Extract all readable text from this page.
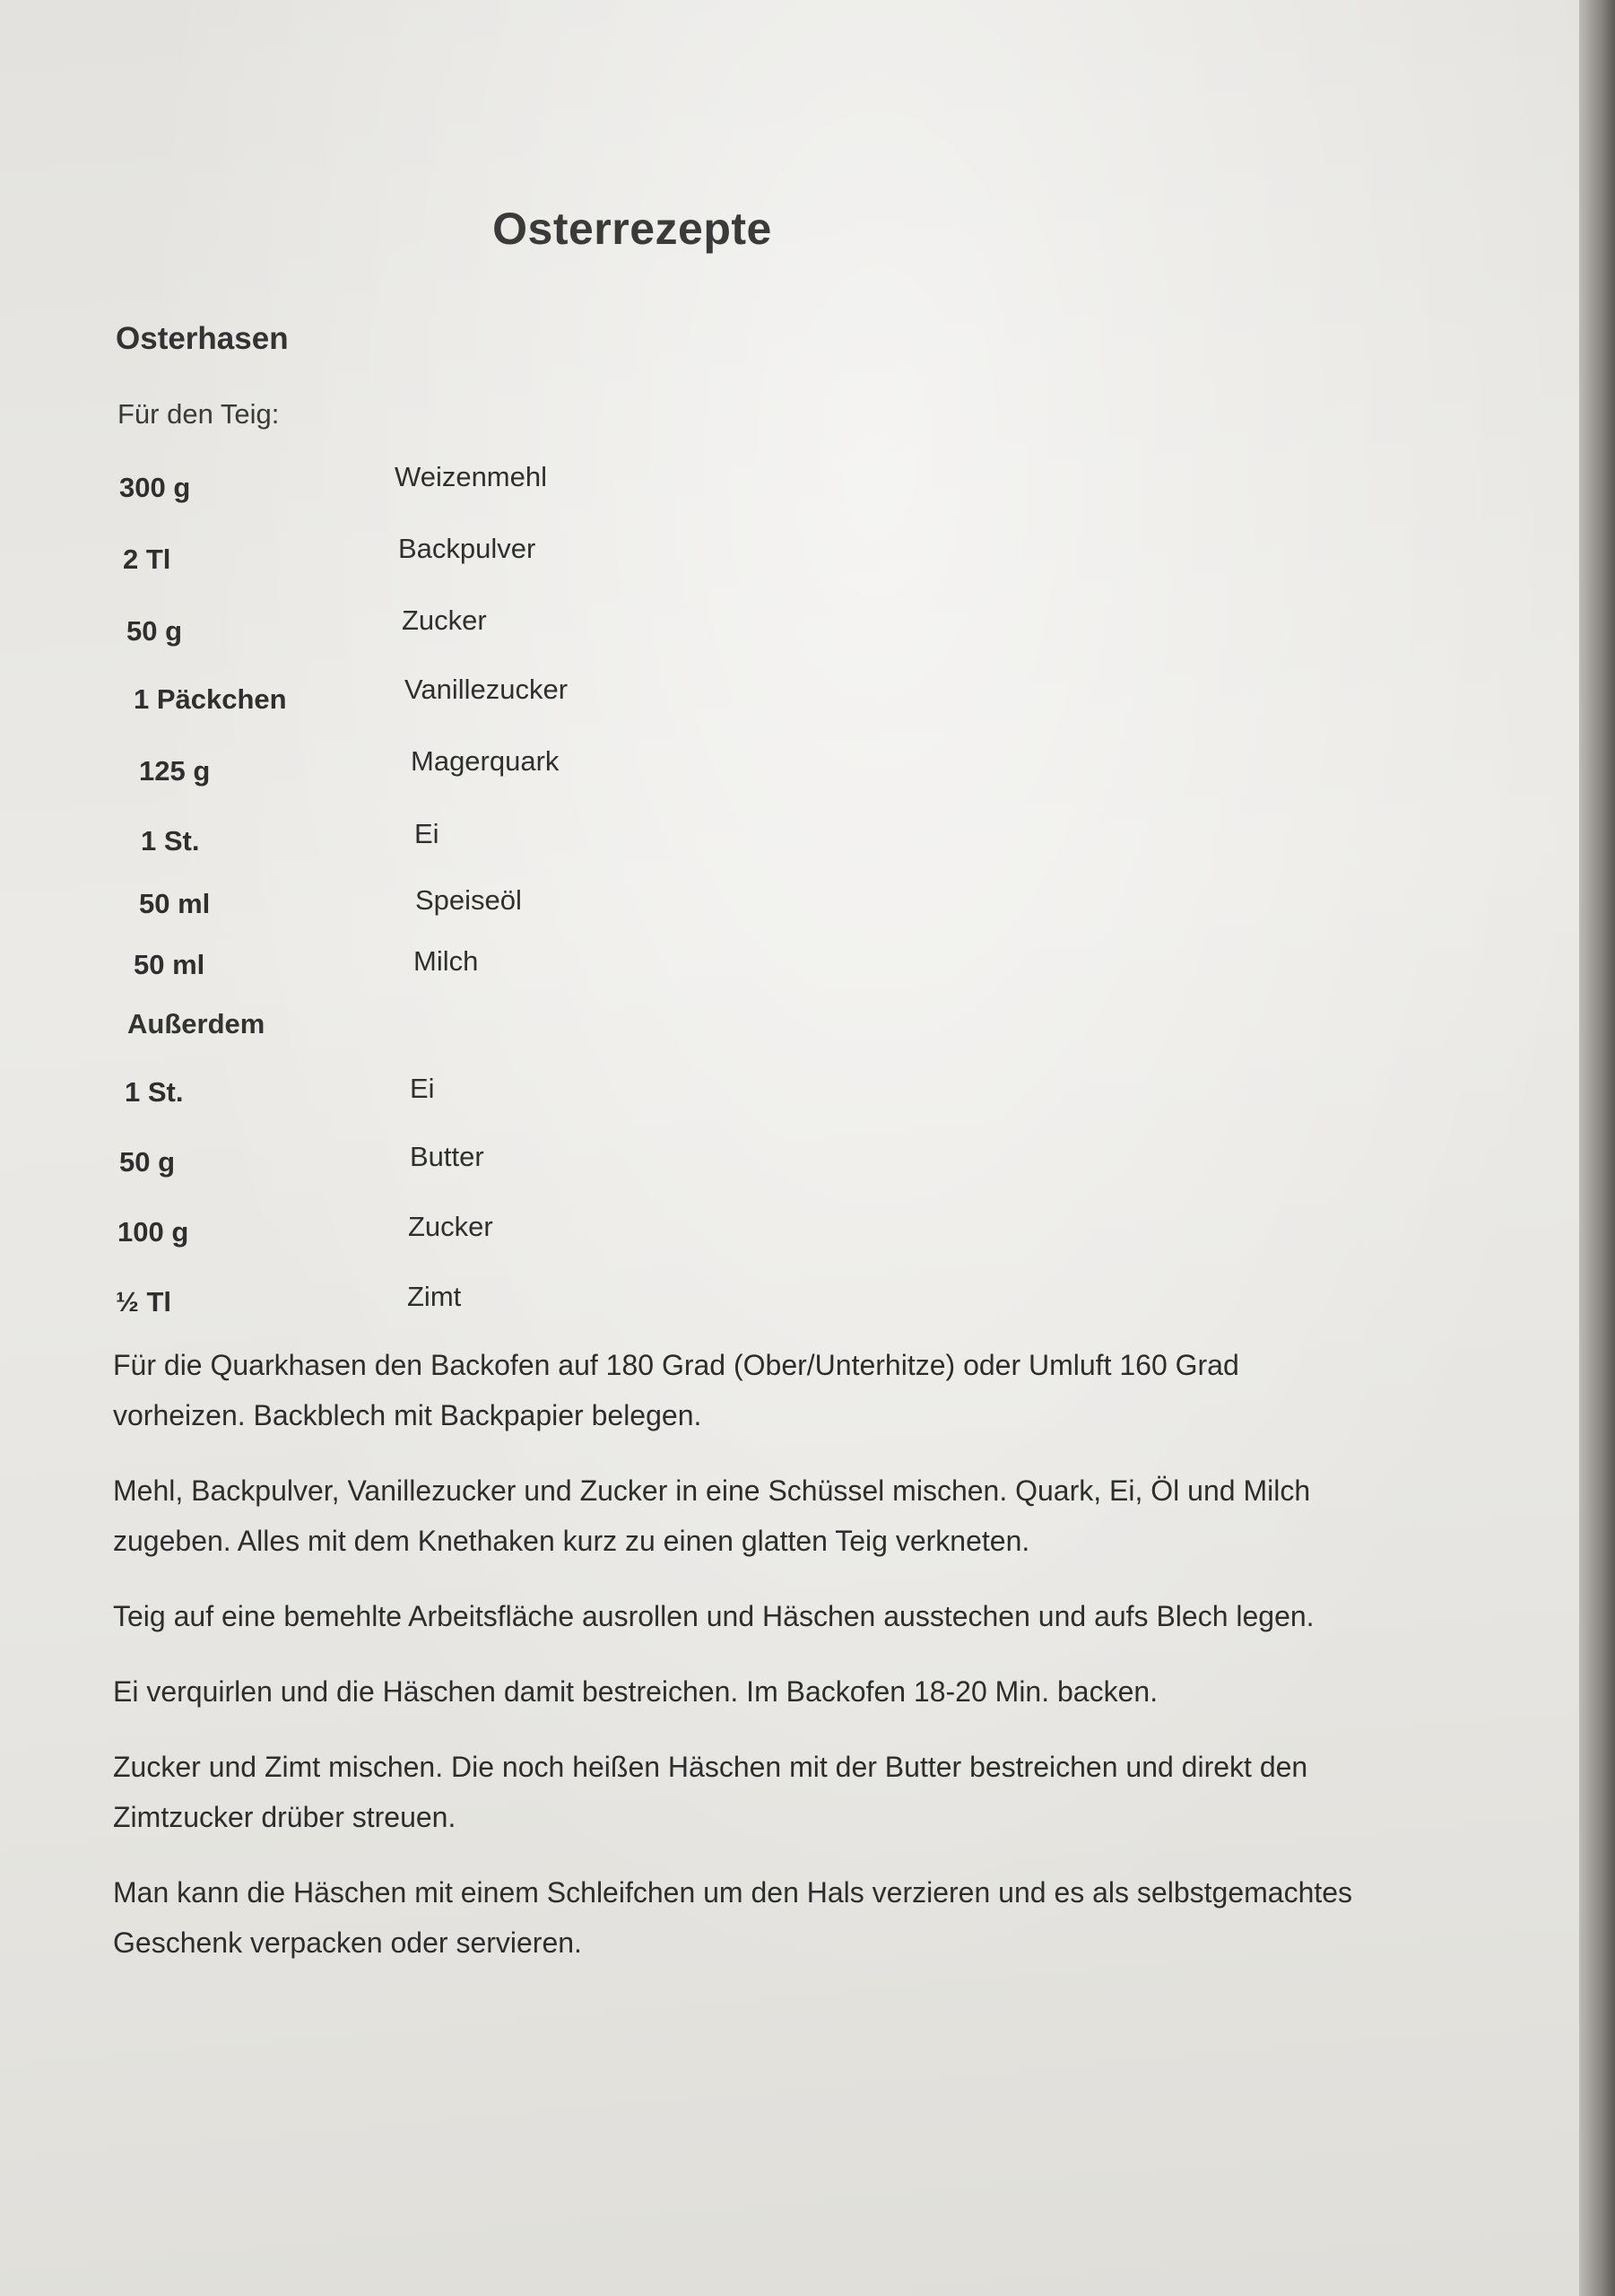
Osterrezepte
Osterhasen
Für den Teig:
300 g	Weizenmehl
2 Tl	Backpulver
50 g	Zucker
1 Päckchen	Vanillezucker
125 g	Magerquark
1 St.	Ei
50 ml	Speiseöl
50 ml	Milch
Außerdem
1 St.	Ei
50 g	Butter
100 g	Zucker
½ Tl	Zimt

Für die Quarkhasen den Backofen auf 180 Grad (Ober/Unterhitze) oder Umluft 160 Grad vorheizen. Backblech mit Backpapier belegen.

Mehl, Backpulver, Vanillezucker und Zucker in eine Schüssel mischen. Quark, Ei, Öl und Milch zugeben. Alles mit dem Knethaken kurz zu einen glatten Teig verkneten.

Teig auf eine bemehlte Arbeitsfläche ausrollen und Häschen ausstechen und aufs Blech legen.

Ei verquirlen und die Häschen damit bestreichen. Im Backofen 18-20 Min. backen.

Zucker und Zimt mischen. Die noch heißen Häschen mit der Butter bestreichen und direkt den Zimtzucker drüber streuen.

Man kann die Häschen mit einem Schleifchen um den Hals verzieren und es als selbstgemachtes Geschenk verpacken oder servieren.
